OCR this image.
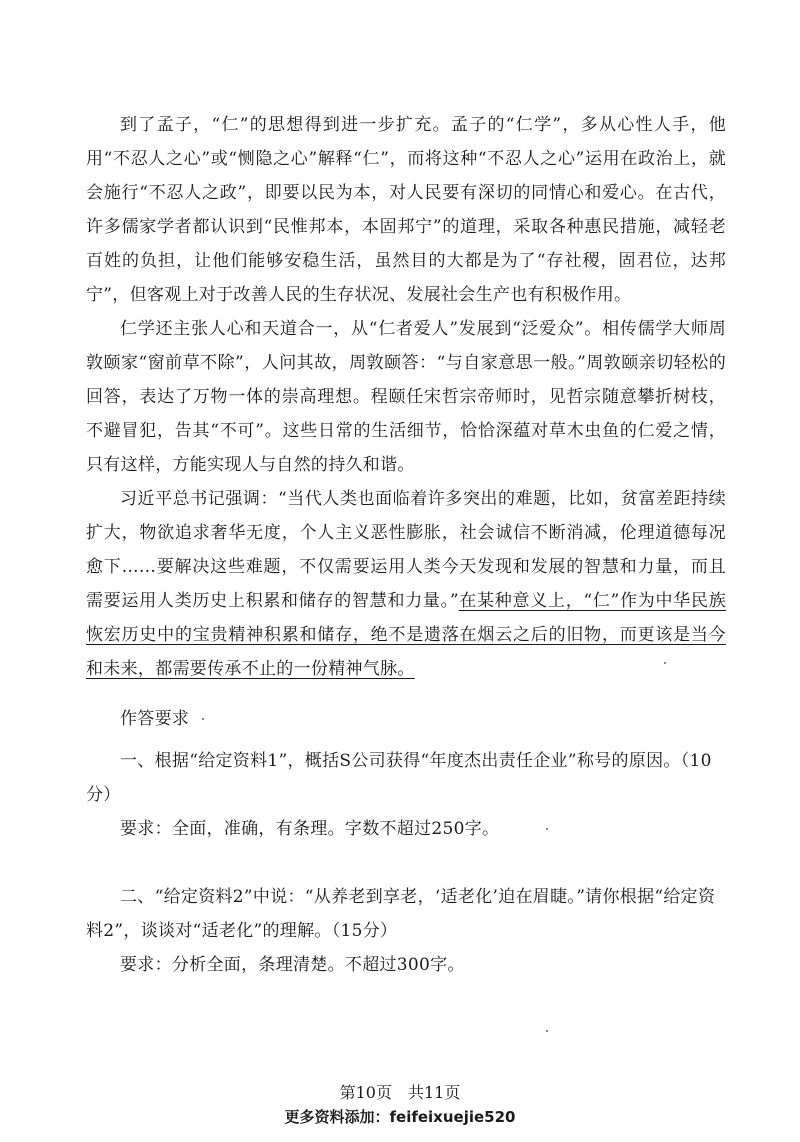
到了孟子，“仁”的思想得到进一步扩充。孟子的“仁学”，多从心性人手，他用“不忍人之心”或“恻隐之心”解释“仁”，而将这种“不忍人之心”运用在政治上，就会施行“不忍人之政”，即要以民为本，对人民要有深切的同情心和爱心。在古代，许多儒家学者都认识到“民惟邦本，本固邦宁”的道理，采取各种惠民措施，减轻老百姓的负担，让他们能够安稳生活，虽然目的大都是为了“存社稷，固君位，达邦宁”，但客观上对于改善人民的生存状况、发展社会生产也有积极作用。

仁学还主张人心和天道合一，从“仁者爱人”发展到“泛爱众”。相传儒学大师周敦颐家“窗前草不除”，人问其故，周敦颐答：“与自家意思一般。”周敦颐亲切轻松的回答，表达了万物一体的崇高理想。程颐任宋哲宗帝师时，见哲宗随意攀折树枝，不避冒犯，告其“不可”。这些日常的生活细节，恰恰深蕴对草木虫鱼的仁爱之情，只有这样，方能实现人与自然的持久和谐。

习近平总书记强调：“当代人类也面临着许多突出的难题，比如，贫富差距持续扩大，物欲追求奢华无度，个人主义恶性膨胀，社会诚信不断消减，伦理道德每况愈下……要解决这些难题，不仅需要运用人类今天发现和发展的智慧和力量，而且需要运用人类历史上积累和储存的智慧和力量。”在某种意义上，“仁”作为中华民族恢宏历史中的宝贵精神积累和储存，绝不是遗落在烟云之后的旧物，而更该是当今和未来，都需要传承不止的一份精神气脉。

作答要求

一、根据“给定资料1”，概括S公司获得“年度杰出责任企业”称号的原因。（10分）

要求：全面，准确，有条理。字数不超过250字。

二、“给定资料2”中说：“从养老到享老，‘适老化’迫在眉睫。”请你根据“给定资料2”，谈谈对“适老化”的理解。（15分）

要求：分析全面，条理清楚。不超过300字。

第10页　共11页
更多资料添加：feifeixuejie520
